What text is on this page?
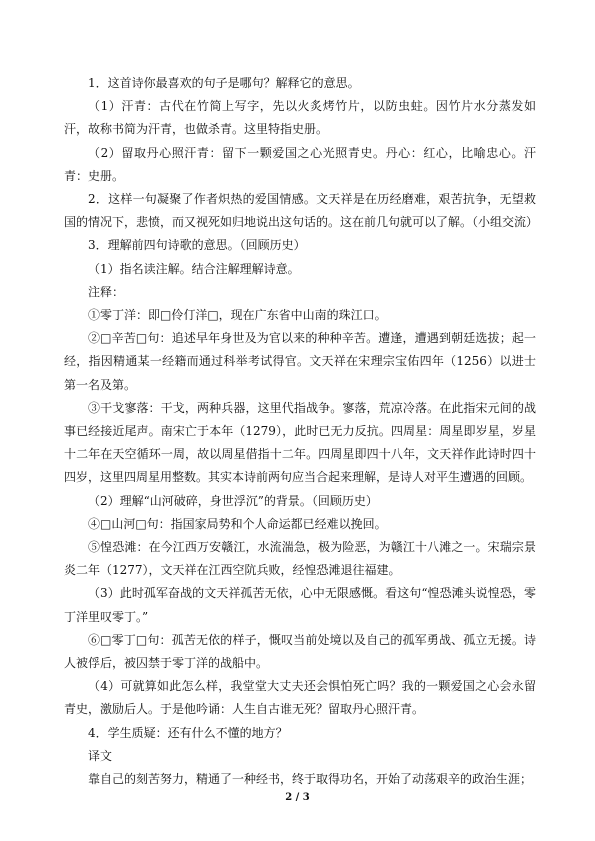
1．这首诗你最喜欢的句子是哪句？解释它的意思。

（1）汗青：古代在竹简上写字，先以火炙烤竹片，以防虫蛀。因竹片水分蒸发如汗，故称书简为汗青，也做杀青。这里特指史册。

（2）留取丹心照汗青：留下一颗爱国之心光照青史。丹心：红心，比喻忠心。汗青：史册。

2．这样一句凝聚了作者炽热的爱国情感。文天祥是在历经磨难，艰苦抗争，无望救国的情况下，悲愤，而又视死如归地说出这句话的。这在前几句就可以了解。（小组交流）

3．理解前四句诗歌的意思。（回顾历史）

（1）指名读注解。结合注解理解诗意。

注释：

①零丁洋：即□伶仃洋□，现在广东省中山南的珠江口。

②□辛苦□句：追述早年身世及为官以来的种种辛苦。遭逢，遭遇到朝廷选拔；起一经，指因精通某一经籍而通过科举考试得官。文天祥在宋理宗宝佑四年（1256）以进士第一名及第。

③干戈寥落：干戈，两种兵器，这里代指战争。寥落，荒凉冷落。在此指宋元间的战事已经接近尾声。南宋亡于本年（1279），此时已无力反抗。四周星：周星即岁星，岁星十二年在天空循环一周，故以周星借指十二年。四周星即四十八年，文天祥作此诗时四十四岁，这里四周星用整数。其实本诗前两句应当合起来理解，是诗人对平生遭遇的回顾。

（2）理解“山河破碎，身世浮沉”的背景。（回顾历史）

④□山河□句：指国家局势和个人命运都已经难以挽回。

⑤惶恐滩：在今江西万安赣江，水流湍急，极为险恶，为赣江十八滩之一。宋瑞宗景炎二年（1277），文天祥在江西空阬兵败，经惶恐滩退往福建。

（3）此时孤军奋战的文天祥孤苦无依，心中无限感慨。看这句“惶恐滩头说惶恐，零丁洋里叹零丁。”

⑥□零丁□句：孤苦无依的样子，慨叹当前处境以及自己的孤军勇战、孤立无援。诗人被俘后，被囚禁于零丁洋的战船中。

（4）可就算如此怎么样，我堂堂大丈夫还会惧怕死亡吗？我的一颗爱国之心会永留青史，激励后人。于是他吟诵：人生自古谁无死？留取丹心照汗青。

4．学生质疑：还有什么不懂的地方？

译文

靠自己的刻苦努力，精通了一种经书，终于取得功名，开始了动荡艰辛的政治生涯；

2 / 3
